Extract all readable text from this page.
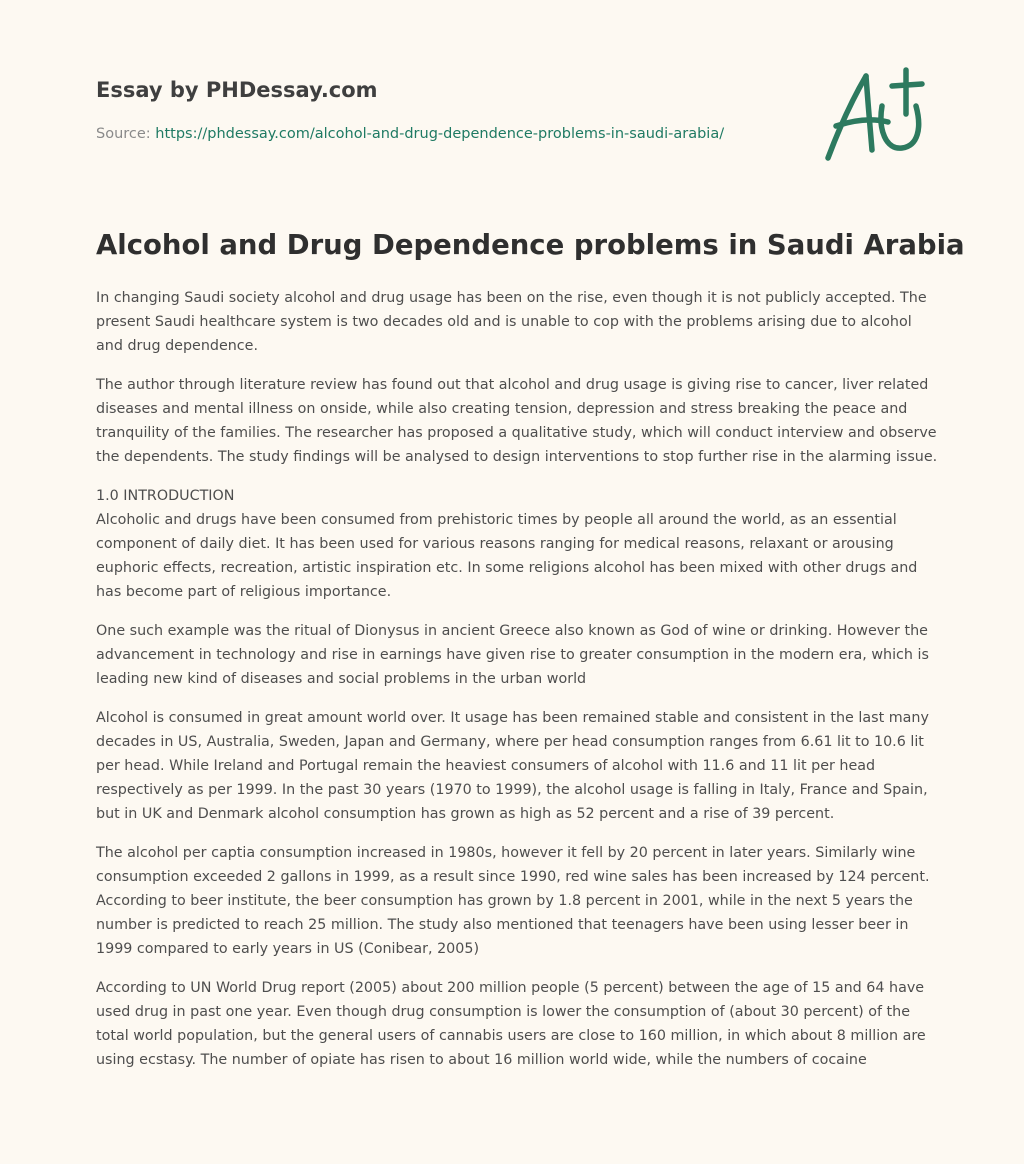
Essay by PHDessay.com
Source: https://phdessay.com/alcohol-and-drug-dependence-problems-in-saudi-arabia/
Alcohol and Drug Dependence problems in Saudi Arabia

In changing Saudi society alcohol and drug usage has been on the rise, even though it is not publicly accepted. The present Saudi healthcare system is two decades old and is unable to cop with the problems arising due to alcohol and drug dependence.

The author through literature review has found out that alcohol and drug usage is giving rise to cancer, liver related diseases and mental illness on onside, while also creating tension, depression and stress breaking the peace and tranquility of the families. The researcher has proposed a qualitative study, which will conduct interview and observe the dependents. The study findings will be analysed to design interventions to stop further rise in the alarming issue.

1.0 INTRODUCTION
Alcoholic and drugs have been consumed from prehistoric times by people all around the world, as an essential component of daily diet. It has been used for various reasons ranging for medical reasons, relaxant or arousing euphoric effects, recreation, artistic inspiration etc. In some religions alcohol has been mixed with other drugs and has become part of religious importance.

One such example was the ritual of Dionysus in ancient Greece also known as God of wine or drinking. However the advancement in technology and rise in earnings have given rise to greater consumption in the modern era, which is leading new kind of diseases and social problems in the urban world

Alcohol is consumed in great amount world over. It usage has been remained stable and consistent in the last many decades in US, Australia, Sweden, Japan and Germany, where per head consumption ranges from 6.61 lit to 10.6 lit per head. While Ireland and Portugal remain the heaviest consumers of alcohol with 11.6 and 11 lit per head respectively as per 1999. In the past 30 years (1970 to 1999), the alcohol usage is falling in Italy, France and Spain, but in UK and Denmark alcohol consumption has grown as high as 52 percent and a rise of 39 percent.

The alcohol per captia consumption increased in 1980s, however it fell by 20 percent in later years. Similarly wine consumption exceeded 2 gallons in 1999, as a result since 1990, red wine sales has been increased by 124 percent. According to beer institute, the beer consumption has grown by 1.8 percent in 2001, while in the next 5 years the number is predicted to reach 25 million. The study also mentioned that teenagers have been using lesser beer in 1999 compared to early years in US (Conibear, 2005)

According to UN World Drug report (2005) about 200 million people (5 percent) between the age of 15 and 64 have used drug in past one year. Even though drug consumption is lower the consumption of (about 30 percent) of the total world population, but the general users of cannabis users are close to 160 million, in which about 8 million are using ecstasy. The number of opiate has risen to about 16 million world wide, while the numbers of cocaine
